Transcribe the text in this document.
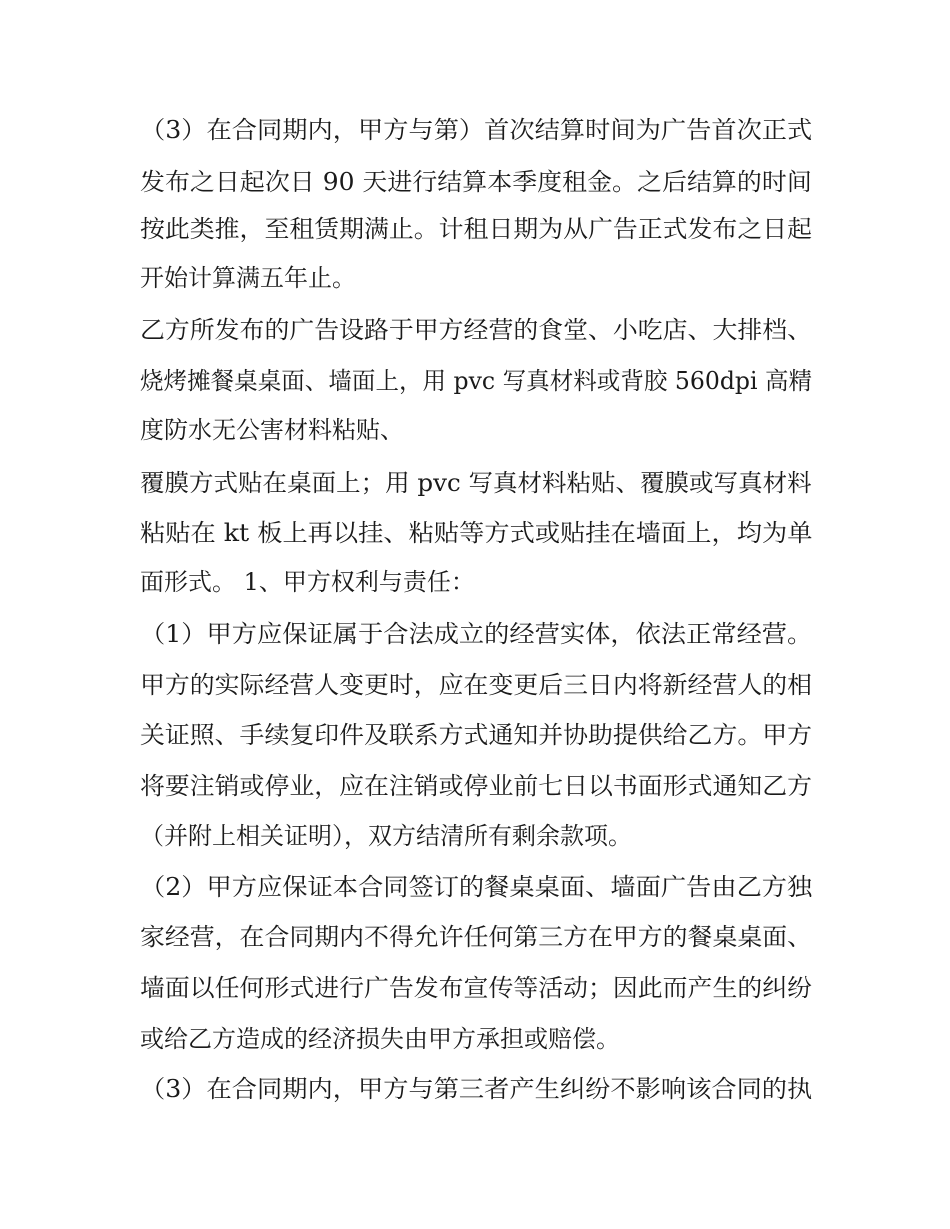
（3）在合同期内，甲方与第）首次结算时间为广告首次正式
发布之日起次日 90 天进行结算本季度租金。之后结算的时间
按此类推，至租赁期满止。计租日期为从广告正式发布之日起
开始计算满五年止。
乙方所发布的广告设路于甲方经营的食堂、小吃店、大排档、
烧烤摊餐桌桌面、墙面上，用 pvc 写真材料或背胶 560dpi 高精
度防水无公害材料粘贴、
覆膜方式贴在桌面上；用 pvc 写真材料粘贴、覆膜或写真材料
粘贴在 kt 板上再以挂、粘贴等方式或贴挂在墙面上，均为单
面形式。 1、甲方权利与责任：
（1）甲方应保证属于合法成立的经营实体，依法正常经营。
甲方的实际经营人变更时，应在变更后三日内将新经营人的相
关证照、手续复印件及联系方式通知并协助提供给乙方。甲方
将要注销或停业，应在注销或停业前七日以书面形式通知乙方
（并附上相关证明），双方结清所有剩余款项。
（2）甲方应保证本合同签订的餐桌桌面、墙面广告由乙方独
家经营，在合同期内不得允许任何第三方在甲方的餐桌桌面、
墙面以任何形式进行广告发布宣传等活动；因此而产生的纠纷
或给乙方造成的经济损失由甲方承担或赔偿。
（3）在合同期内，甲方与第三者产生纠纷不影响该合同的执
